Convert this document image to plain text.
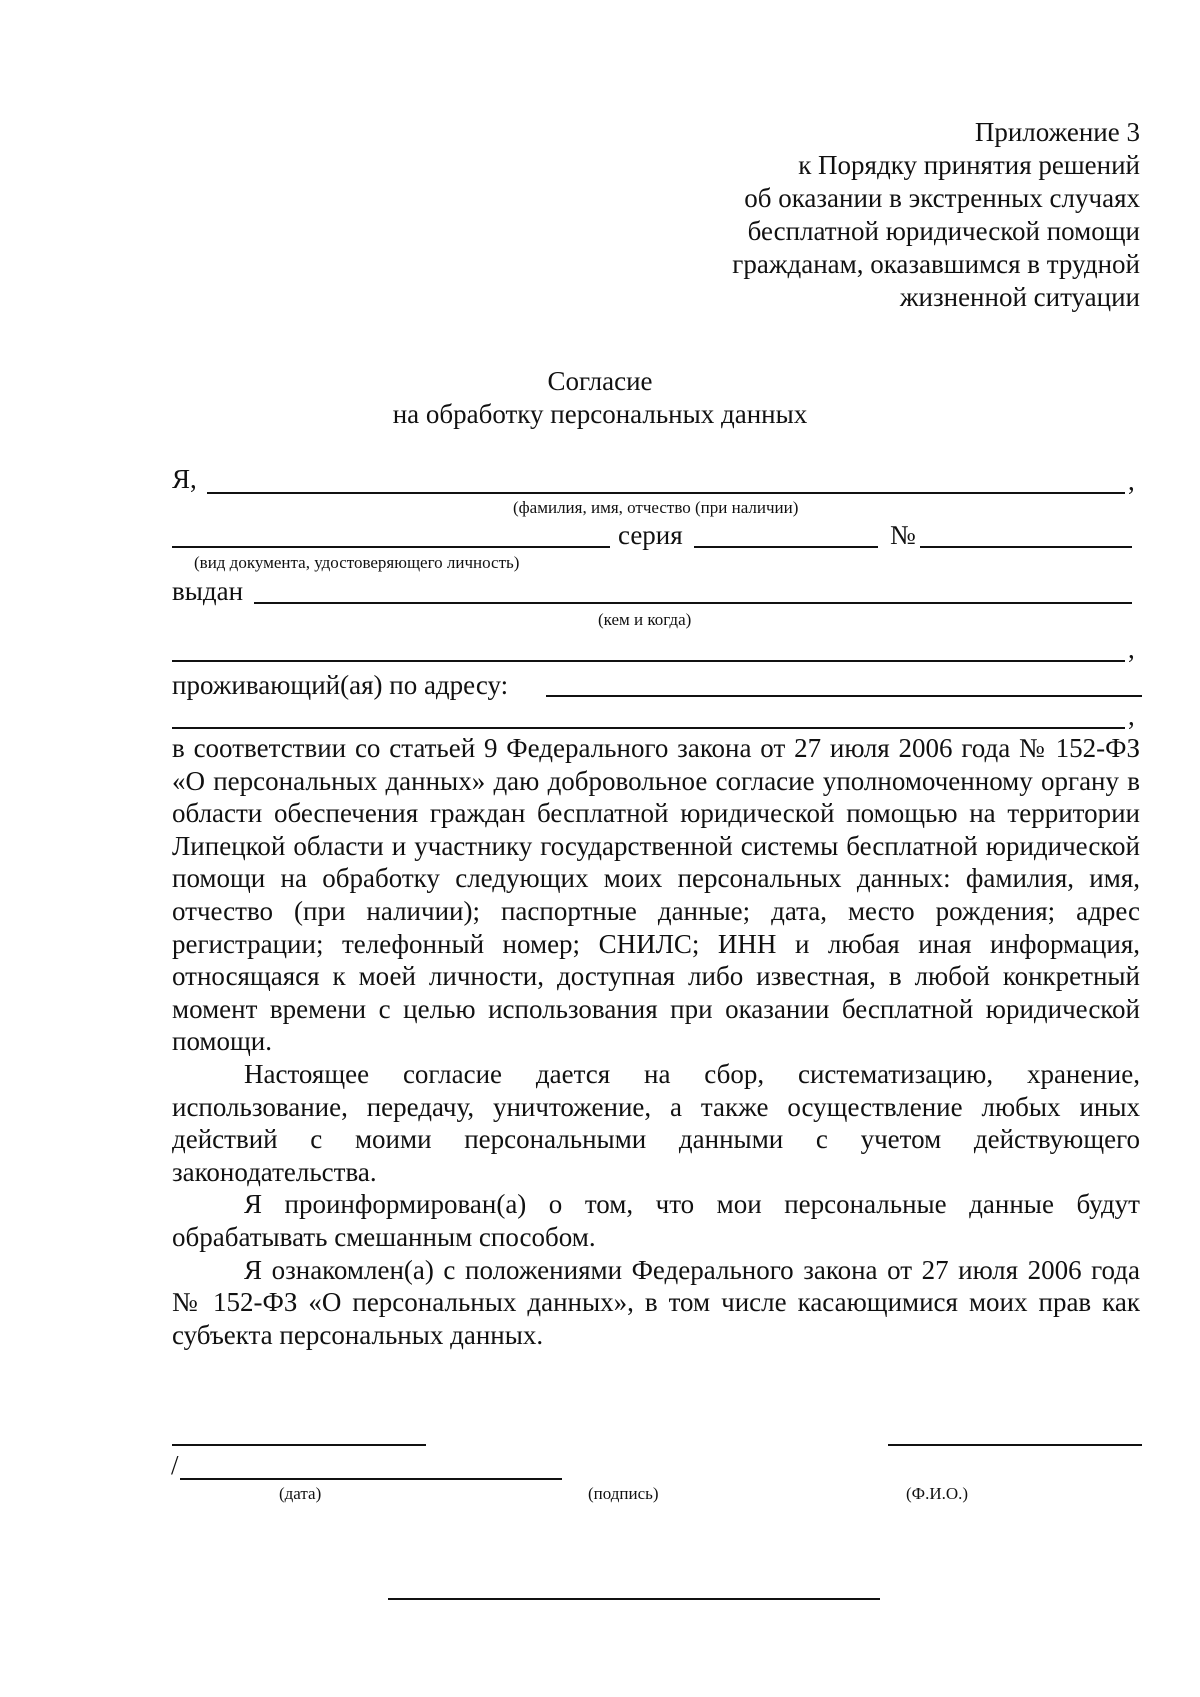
Приложение 3
к Порядку принятия решений
об оказании в экстренных случаях
бесплатной юридической помощи
гражданам, оказавшимся в трудной
жизненной ситуации
Согласие
на обработку персональных данных
Я,	,
(фамилия, имя, отчество (при наличии)
серия	№
(вид документа, удостоверяющего личность)
выдан
(кем и когда)
,
проживающий(ая) по адресу:
,

в соответствии со статьей 9 Федерального закона от 27 июля 2006 года № 152-ФЗ «О персональных данных» даю добровольное согласие уполномоченному органу в области обеспечения граждан бесплатной юридической помощью на территории Липецкой области и участнику государственной системы бесплатной юридической помощи на обработку следующих моих персональных данных: фамилия, имя, отчество (при наличии); паспортные данные; дата, место рождения; адрес регистрации; телефонный номер; СНИЛС; ИНН и любая иная информация, относящаяся к моей личности, доступная либо известная, в любой конкретный момент времени с целью использования при оказании бесплатной юридической помощи.

Настоящее согласие дается на сбор, систематизацию, хранение, использование, передачу, уничтожение, а также осуществление любых иных действий с моими персональными данными с учетом действующего законодательства.

Я проинформирован(а) о том, что мои персональные данные будут обрабатывать смешанным способом.

Я ознакомлен(а) с положениями Федерального закона от 27 июля 2006 года № 152-ФЗ «О персональных данных», в том числе касающимися моих прав как субъекта персональных данных.

/
(дата)	(подпись)	(Ф.И.О.)
